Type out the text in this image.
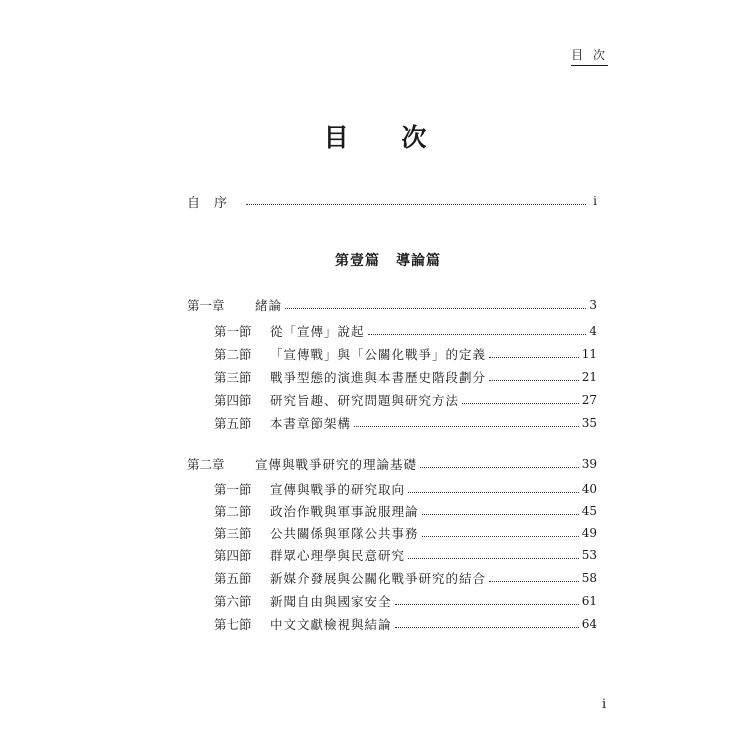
目 次
目 次
自序	i
第壹篇 導論篇
第一章	緒論	3
第一節	從「宣傳」說起	4
第二節	「宣傳戰」與「公關化戰爭」的定義	11
第三節	戰爭型態的演進與本書歷史階段劃分	21
第四節	研究旨趣、研究問題與研究方法	27
第五節	本書章節架構	35
第二章	宣傳與戰爭研究的理論基礎	39
第一節	宣傳與戰爭的研究取向	40
第二節	政治作戰與軍事說服理論	45
第三節	公共關係與軍隊公共事務	49
第四節	群眾心理學與民意研究	53
第五節	新媒介發展與公關化戰爭研究的結合	58
第六節	新聞自由與國家安全	61
第七節	中文文獻檢視與結論	64
i
